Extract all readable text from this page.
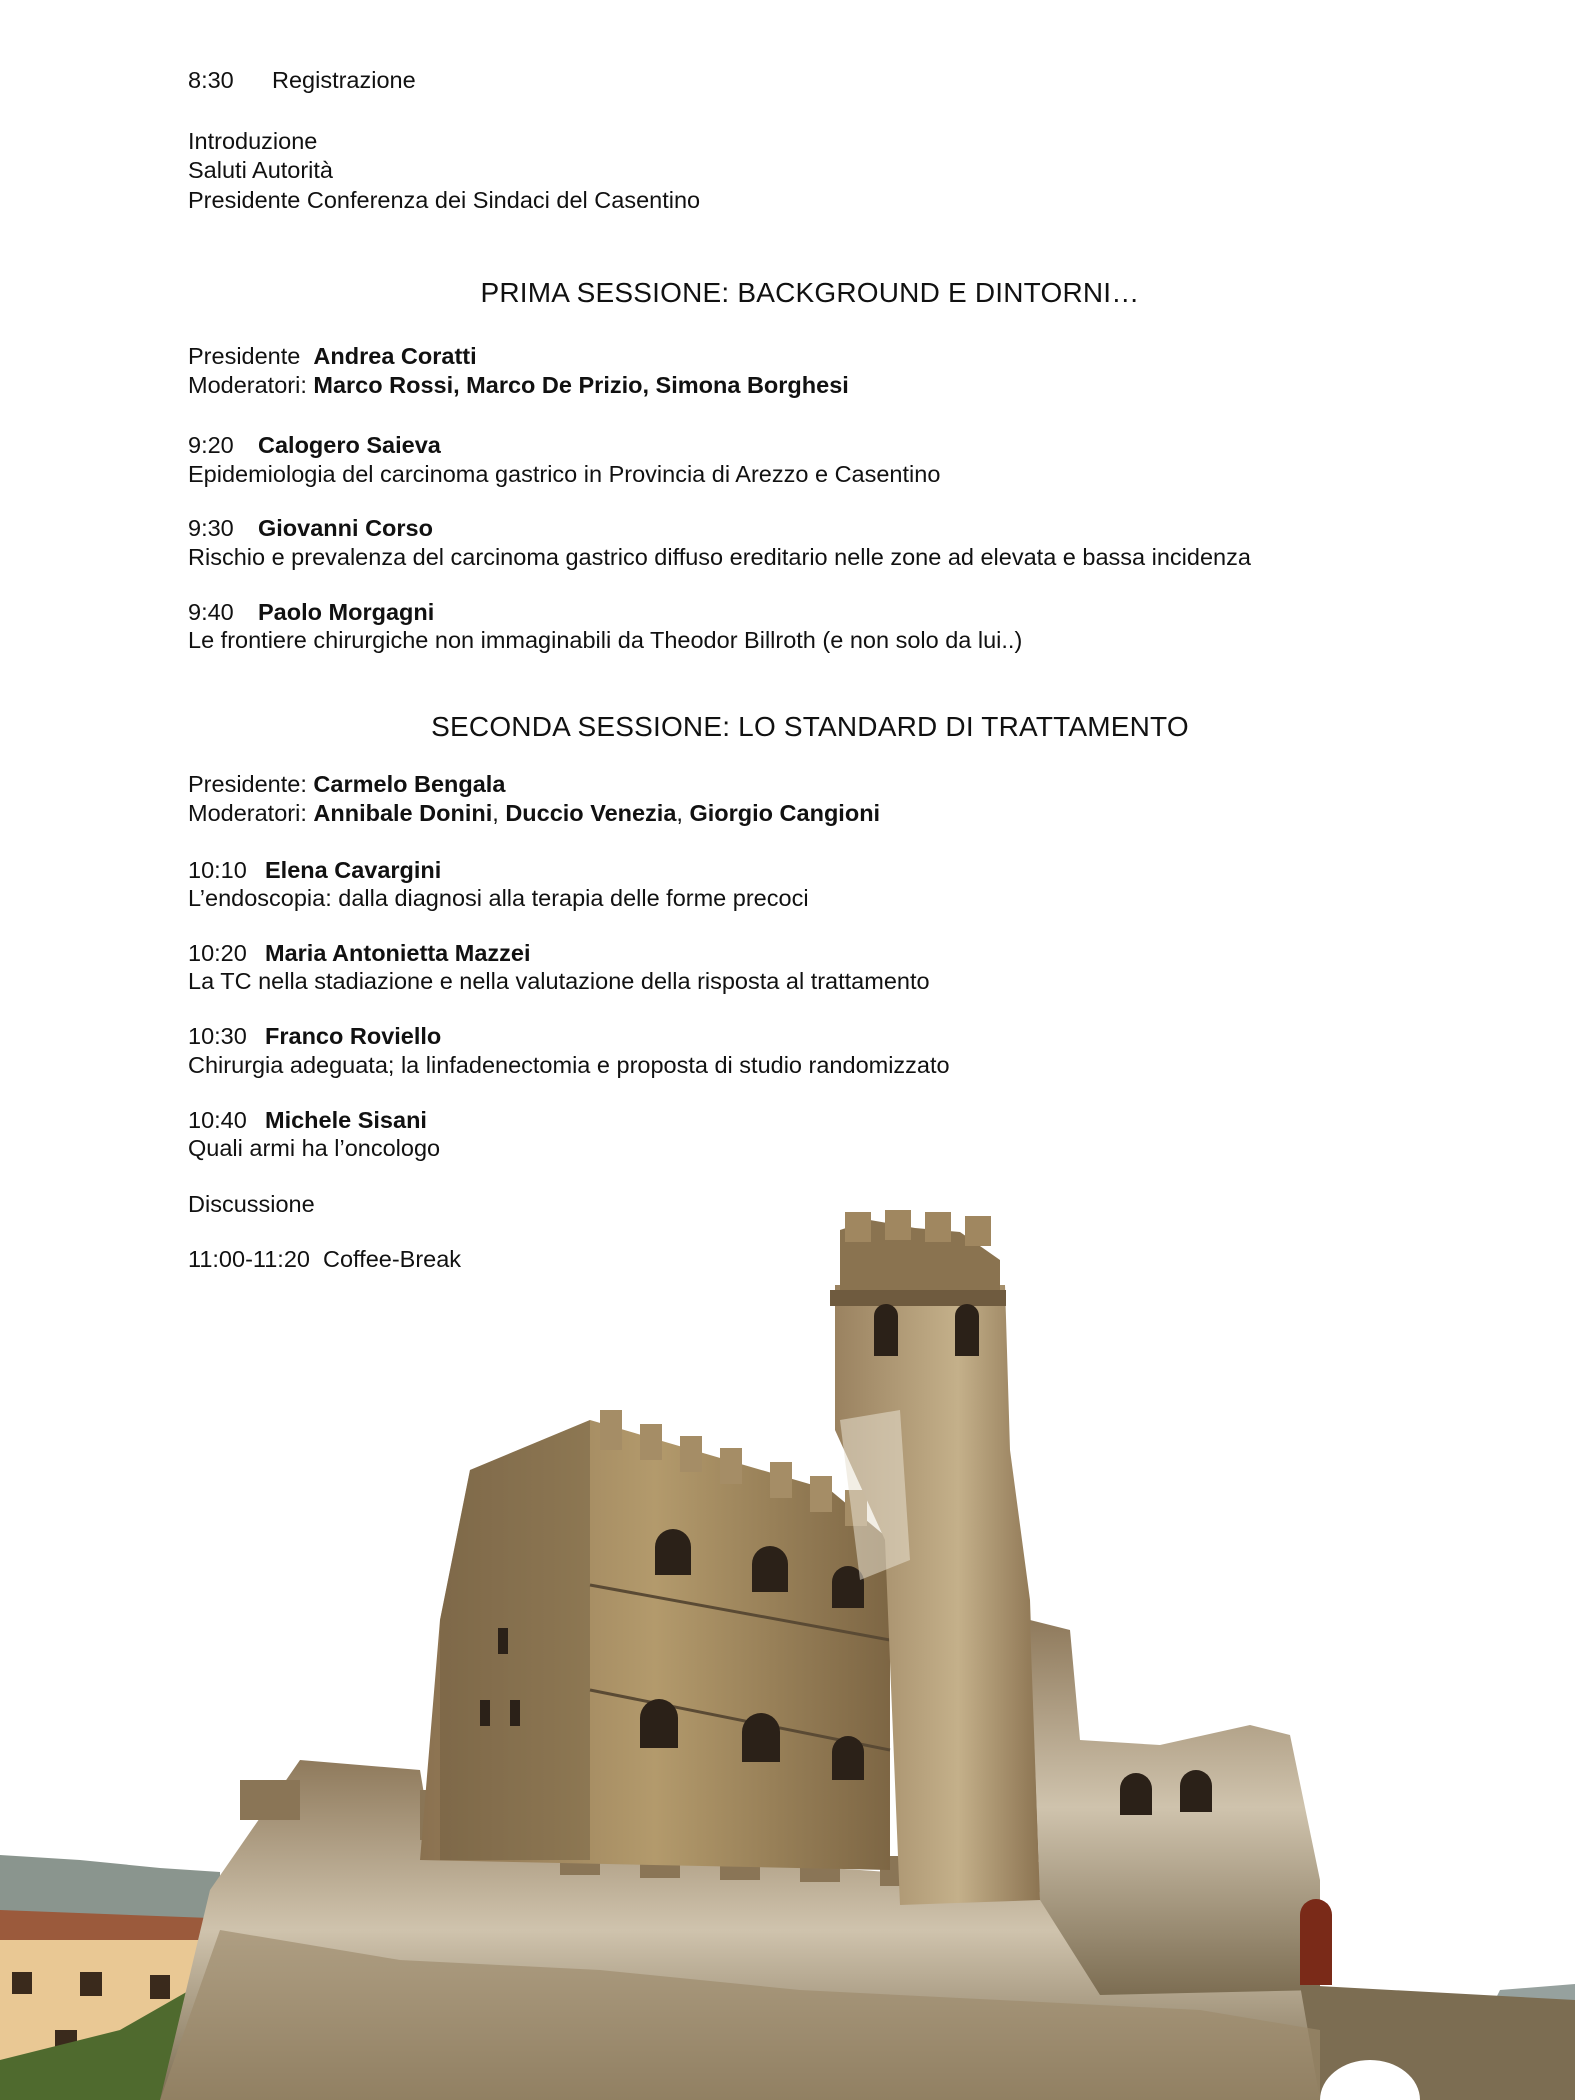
8:30 Registrazione
Introduzione
Saluti Autorità
Presidente Conferenza dei Sindaci del Casentino
PRIMA SESSIONE: BACKGROUND E DINTORNI…
Presidente Andrea Coratti
Moderatori: Marco Rossi, Marco De Prizio, Simona Borghesi
9:20 Calogero Saieva
Epidemiologia del carcinoma gastrico in Provincia di Arezzo e Casentino
9:30 Giovanni Corso
Rischio e prevalenza del carcinoma gastrico diffuso ereditario nelle zone ad elevata e bassa incidenza
9:40 Paolo Morgagni
Le frontiere chirurgiche non immaginabili da Theodor Billroth (e non solo da lui..)
SECONDA SESSIONE: LO STANDARD DI TRATTAMENTO
Presidente: Carmelo Bengala
Moderatori: Annibale Donini, Duccio Venezia, Giorgio Cangioni
10:10 Elena Cavargini
L’endoscopia: dalla diagnosi alla terapia delle forme precoci
10:20 Maria Antonietta Mazzei
La TC nella stadiazione e nella valutazione della risposta al trattamento
10:30 Franco Roviello
Chirurgia adeguata; la linfadenectomia e proposta di studio randomizzato
10:40 Michele Sisani
Quali armi ha l’oncologo
Discussione
11:00-11:20 Coffee-Break
